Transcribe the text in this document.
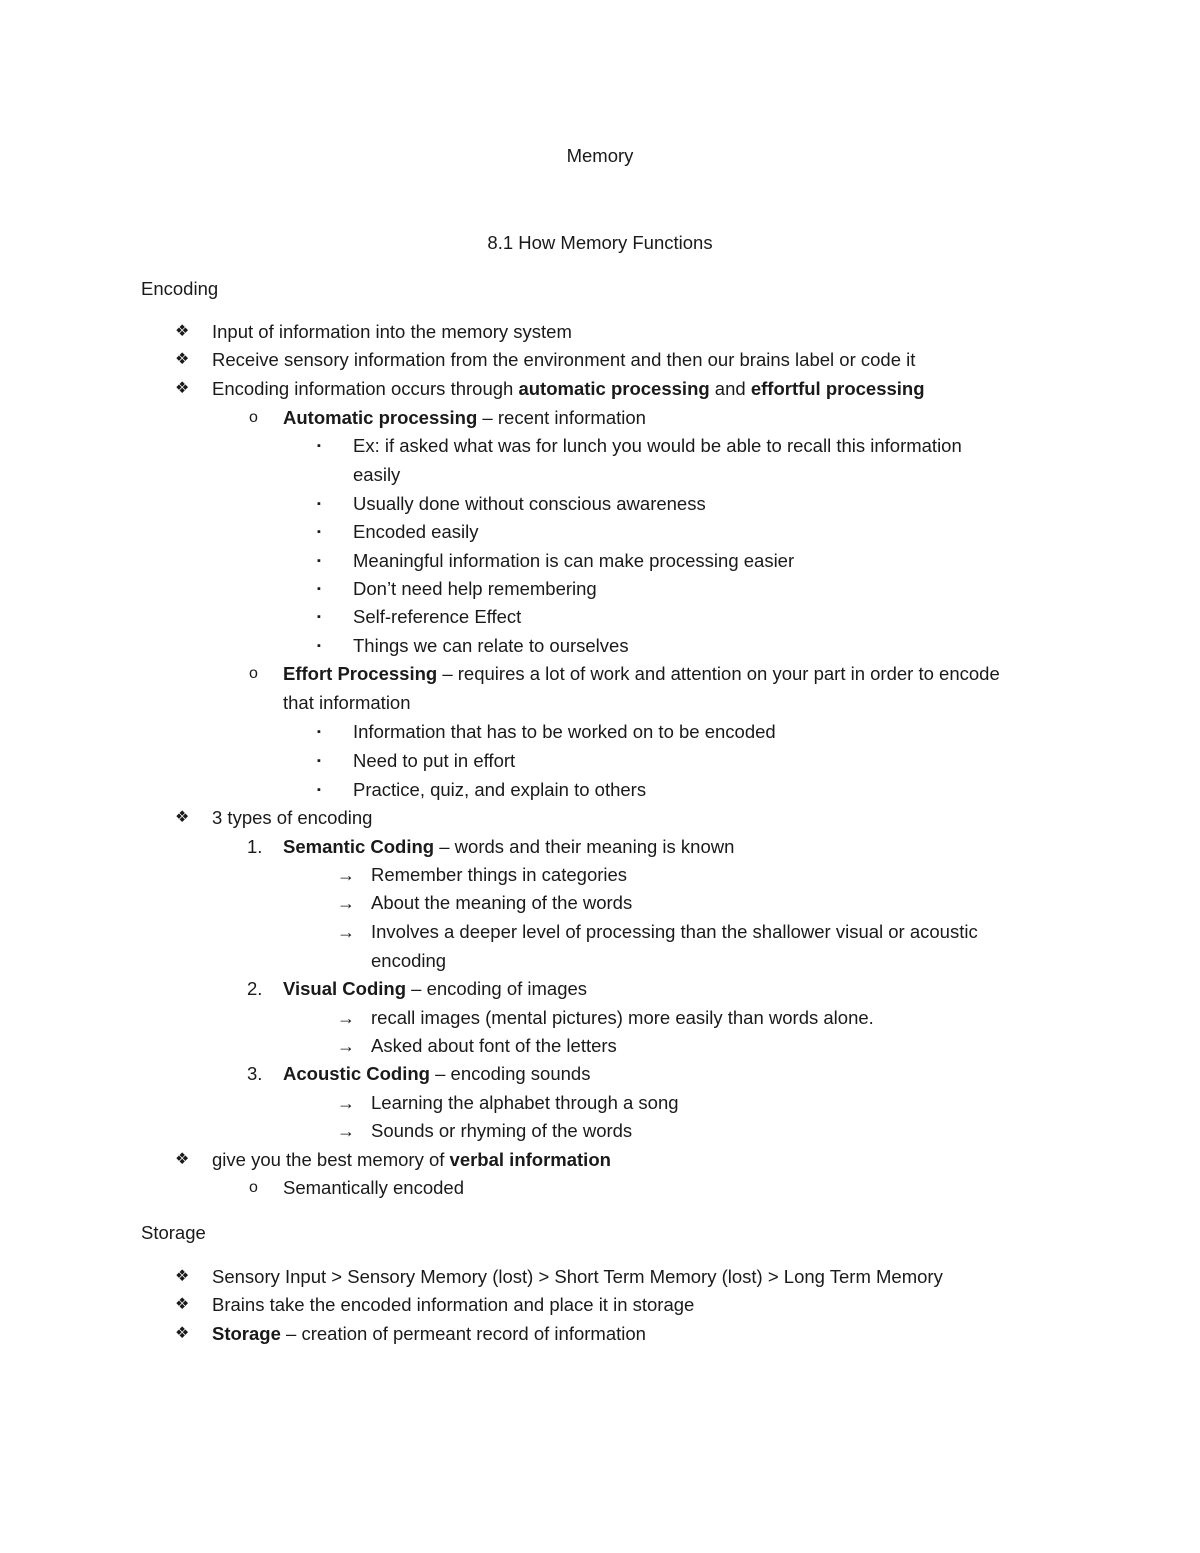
Memory
8.1 How Memory Functions
Encoding
❖ Input of information into the memory system
❖ Receive sensory information from the environment and then our brains label or code it
❖ Encoding information occurs through automatic processing and effortful processing
o Automatic processing – recent information
▪ Ex: if asked what was for lunch you would be able to recall this information
easily
▪ Usually done without conscious awareness
▪ Encoded easily
▪ Meaningful information is can make processing easier
▪ Don’t need help remembering
▪ Self-reference Effect
▪ Things we can relate to ourselves
o Effort Processing – requires a lot of work and attention on your part in order to encode
that information
▪ Information that has to be worked on to be encoded
▪ Need to put in effort
▪ Practice, quiz, and explain to others
❖ 3 types of encoding
1. Semantic Coding – words and their meaning is known
→ Remember things in categories
→ About the meaning of the words
→ Involves a deeper level of processing than the shallower visual or acoustic
encoding
2. Visual Coding – encoding of images
→ recall images (mental pictures) more easily than words alone.
→ Asked about font of the letters
3. Acoustic Coding – encoding sounds
→ Learning the alphabet through a song
→ Sounds or rhyming of the words
❖ give you the best memory of verbal information
o Semantically encoded
Storage
❖ Sensory Input > Sensory Memory (lost) > Short Term Memory (lost) > Long Term Memory
❖ Brains take the encoded information and place it in storage
❖ Storage – creation of permeant record of information
